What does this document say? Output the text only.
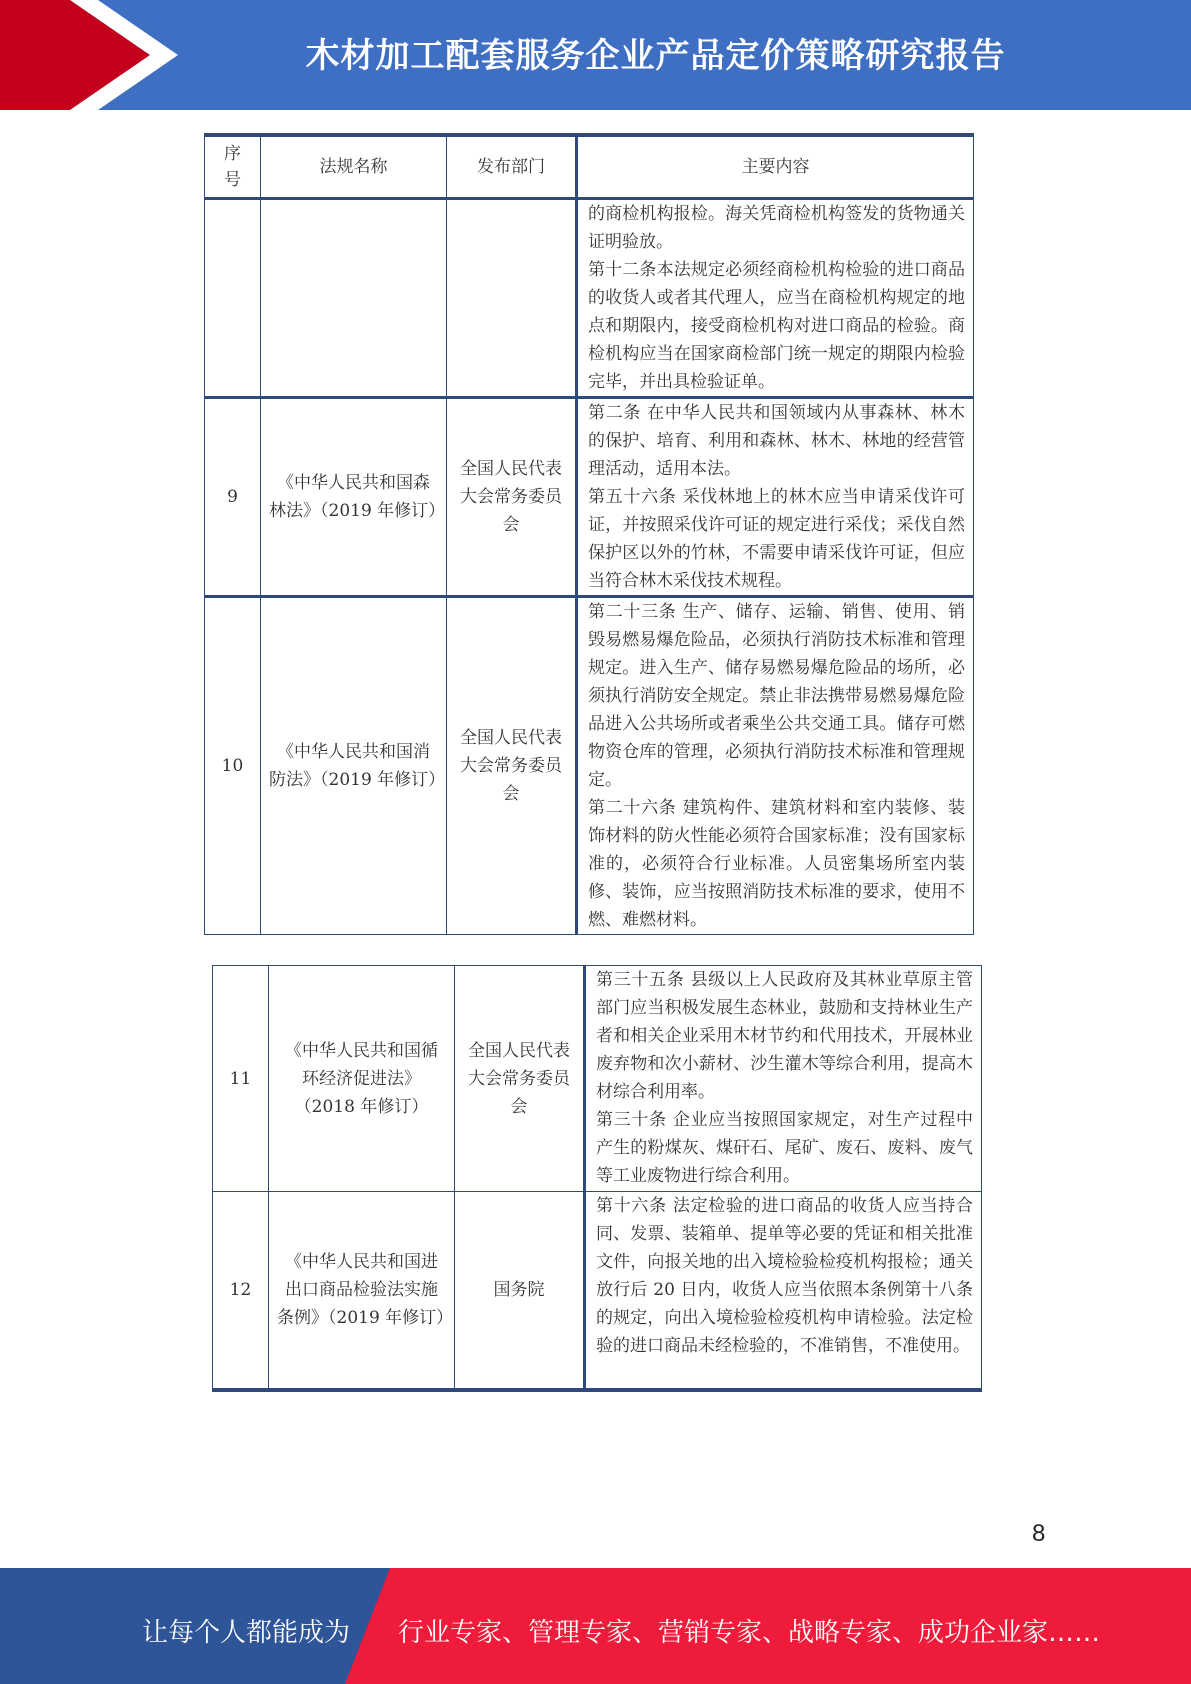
木材加工配套服务企业产品定价策略研究报告
序
号	法规名称	发布部门	主要内容

			的商检机构报检。海关凭商检机构签发的货物通关证明验放。

第十二条本法规定必须经商检机构检验的进口商品的收货人或者其代理人，应当在商检机构规定的地点和期限内，接受商检机构对进口商品的检验。商检机构应当在国家商检部门统一规定的期限内检验完毕，并出具检验证单。

9	《中华人民共和国森林法》（2019 年修订）	全国人民代表大会常务委员会	第二条 在中华人民共和国领域内从事森林、林木的保护、培育、利用和森林、林木、林地的经营管理活动，适用本法。

第五十六条 采伐林地上的林木应当申请采伐许可证，并按照采伐许可证的规定进行采伐；采伐自然保护区以外的竹林，不需要申请采伐许可证，但应当符合林木采伐技术规程。

10	《中华人民共和国消防法》（2019 年修订）	全国人民代表大会常务委员会	第二十三条 生产、储存、运输、销售、使用、销毁易燃易爆危险品，必须执行消防技术标准和管理规定。进入生产、储存易燃易爆危险品的场所，必须执行消防安全规定。禁止非法携带易燃易爆危险品进入公共场所或者乘坐公共交通工具。储存可燃物资仓库的管理，必须执行消防技术标准和管理规定。

第二十六条 建筑构件、建筑材料和室内装修、装饰材料的防火性能必须符合国家标准；没有国家标准的，必须符合行业标准。人员密集场所室内装修、装饰，应当按照消防技术标准的要求，使用不燃、难燃材料。

11	《中华人民共和国循环经济促进法》（2018 年修订）	全国人民代表大会常务委员会	第三十五条 县级以上人民政府及其林业草原主管部门应当积极发展生态林业，鼓励和支持林业生产者和相关企业采用木材节约和代用技术，开展林业废弃物和次小薪材、沙生灌木等综合利用，提高木材综合利用率。

第三十条 企业应当按照国家规定，对生产过程中产生的粉煤灰、煤矸石、尾矿、废石、废料、废气等工业废物进行综合利用。

12	《中华人民共和国进出口商品检验法实施条例》（2019 年修订）	国务院	第十六条 法定检验的进口商品的收货人应当持合同、发票、装箱单、提单等必要的凭证和相关批准文件，向报关地的出入境检验检疫机构报检；通关放行后 20 日内，收货人应当依照本条例第十八条的规定，向出入境检验检疫机构申请检验。法定检验的进口商品未经检验的，不准销售，不准使用。

8
让每个人都能成为 行业专家、管理专家、营销专家、战略专家、成功企业家……
